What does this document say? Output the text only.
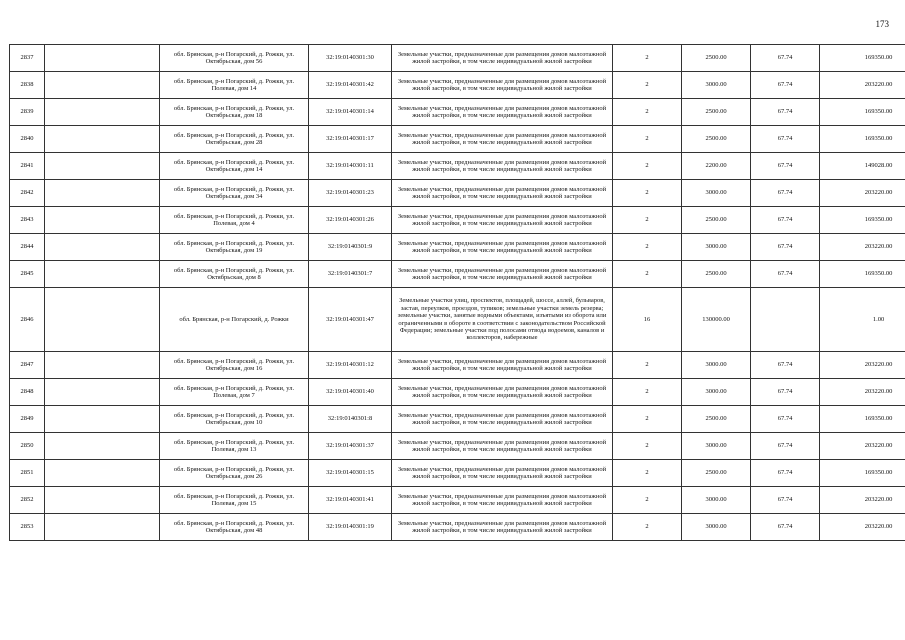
173
2837		обл. Брянская, р-н Погарский, д. Рожки, ул. Октябрьская, дом 56	32:19:0140301:30	Земельные участки, предназначенные для размещения домов малоэтажной жилой застройки, в том числе индивидуальной жилой застройки	2	2500.00	67.74	169350.00
2838		обл. Брянская, р-н Погарский, д. Рожки, ул. Полевая, дом 14	32:19:0140301:42	Земельные участки, предназначенные для размещения домов малоэтажной жилой застройки, в том числе индивидуальной жилой застройки	2	3000.00	67.74	203220.00
2839		обл. Брянская, р-н Погарский, д. Рожки, ул. Октябрьская, дом 18	32:19:0140301:14	Земельные участки, предназначенные для размещения домов малоэтажной жилой застройки, в том числе индивидуальной жилой застройки	2	2500.00	67.74	169350.00
2840		обл. Брянская, р-н Погарский, д. Рожки, ул. Октябрьская, дом 28	32:19:0140301:17	Земельные участки, предназначенные для размещения домов малоэтажной жилой застройки, в том числе индивидуальной жилой застройки	2	2500.00	67.74	169350.00
2841		обл. Брянская, р-н Погарский, д. Рожки, ул. Октябрьская, дом 14	32:19:0140301:11	Земельные участки, предназначенные для размещения домов малоэтажной жилой застройки, в том числе индивидуальной жилой застройки	2	2200.00	67.74	149028.00
2842		обл. Брянская, р-н Погарский, д. Рожки, ул. Октябрьская, дом 34	32:19:0140301:23	Земельные участки, предназначенные для размещения домов малоэтажной жилой застройки, в том числе индивидуальной жилой застройки	2	3000.00	67.74	203220.00
2843		обл. Брянская, р-н Погарский, д. Рожки, ул. Полевая, дом 4	32:19:0140301:26	Земельные участки, предназначенные для размещения домов малоэтажной жилой застройки, в том числе индивидуальной жилой застройки	2	2500.00	67.74	169350.00
2844		обл. Брянская, р-н Погарский, д. Рожки, ул. Октябрьская, дом 19	32:19:0140301:9	Земельные участки, предназначенные для размещения домов малоэтажной жилой застройки, в том числе индивидуальной жилой застройки	2	3000.00	67.74	203220.00
2845		обл. Брянская, р-н Погарский, д. Рожки, ул. Октябрьская, дом 8	32:19:0140301:7	Земельные участки, предназначенные для размещения домов малоэтажной жилой застройки, в том числе индивидуальной жилой застройки	2	2500.00	67.74	169350.00
2846		обл. Брянская, р-н Погарский, д. Рожки	32:19:0140301:47	Земельные участки улиц, проспектов, площадей, шоссе, аллей, бульваров, застав, переулков, проездов, тупиков; земельные участки земель резерва; земельные участки, занятые водными объектами, изъятыми из оборота или ограниченными в обороте в соответствии с законодательством Российской Федерации; земельные участки под полосами отвода водоемов, каналов и коллекторов, набережные	16	130000.00		1.00
2847		обл. Брянская, р-н Погарский, д. Рожки, ул. Октябрьская, дом 16	32:19:0140301:12	Земельные участки, предназначенные для размещения домов малоэтажной жилой застройки, в том числе индивидуальной жилой застройки	2	3000.00	67.74	203220.00
2848		обл. Брянская, р-н Погарский, д. Рожки, ул. Полевая, дом 7	32:19:0140301:40	Земельные участки, предназначенные для размещения домов малоэтажной жилой застройки, в том числе индивидуальной жилой застройки	2	3000.00	67.74	203220.00
2849		обл. Брянская, р-н Погарский, д. Рожки, ул. Октябрьская, дом 10	32:19:0140301:8	Земельные участки, предназначенные для размещения домов малоэтажной жилой застройки, в том числе индивидуальной жилой застройки	2	2500.00	67.74	169350.00
2850		обл. Брянская, р-н Погарский, д. Рожки, ул. Полевая, дом 13	32:19:0140301:37	Земельные участки, предназначенные для размещения домов малоэтажной жилой застройки, в том числе индивидуальной жилой застройки	2	3000.00	67.74	203220.00
2851		обл. Брянская, р-н Погарский, д. Рожки, ул. Октябрьская, дом 26	32:19:0140301:15	Земельные участки, предназначенные для размещения домов малоэтажной жилой застройки, в том числе индивидуальной жилой застройки	2	2500.00	67.74	169350.00
2852		обл. Брянская, р-н Погарский, д. Рожки, ул. Полевая, дом 15	32:19:0140301:41	Земельные участки, предназначенные для размещения домов малоэтажной жилой застройки, в том числе индивидуальной жилой застройки	2	3000.00	67.74	203220.00
2853		обл. Брянская, р-н Погарский, д. Рожки, ул. Октябрьская, дом 48	32:19:0140301:19	Земельные участки, предназначенные для размещения домов малоэтажной жилой застройки, в том числе индивидуальной жилой застройки	2	3000.00	67.74	203220.00
